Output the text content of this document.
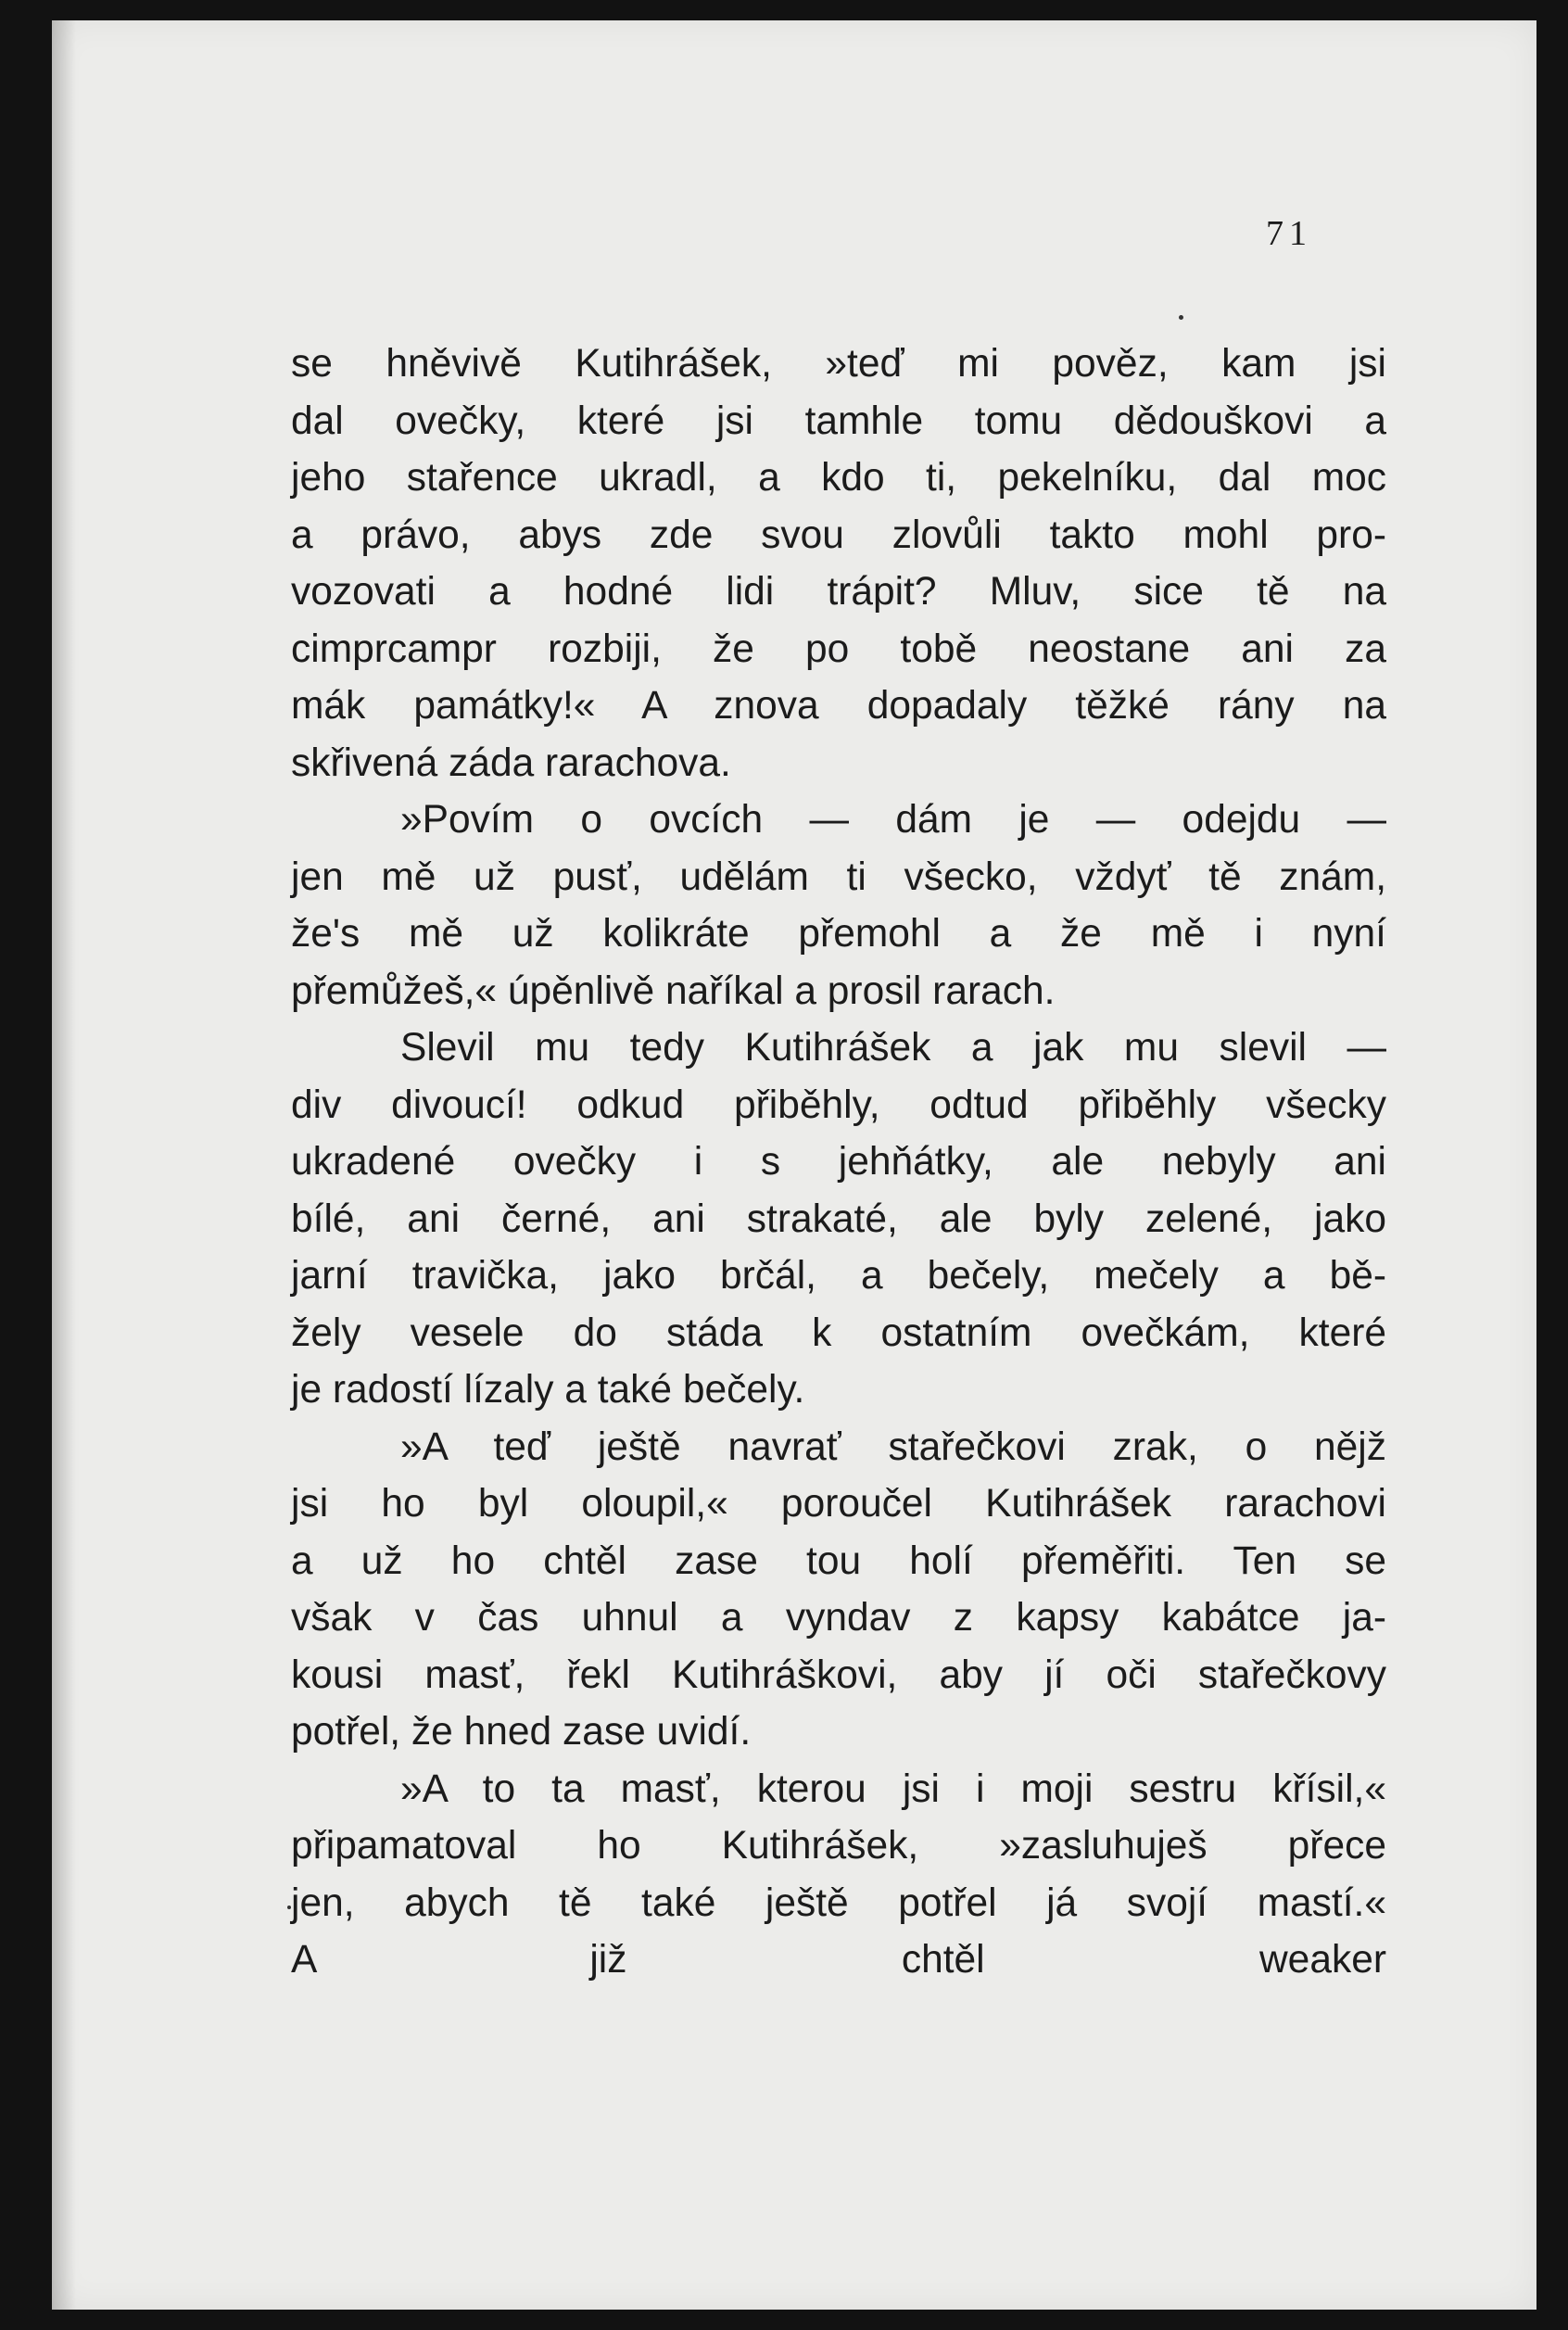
71
se hněvivě Kutihrášek, »teď mi pověz, kam jsi
dal ovečky, které jsi tamhle tomu dědouškovi a
jeho stařence ukradl, a kdo ti, pekelníku, dal moc
a právo, abys zde svou zlovůli takto mohl pro-
vozovati a hodné lidi trápit? Mluv, sice tě na
cimprcampr rozbiji, že po tobě neostane ani za
mák památky!« A znova dopadaly těžké rány na
skřivená záda rarachova.
»Povím o ovcích — dám je — odejdu —
jen mě už pusť, udělám ti všecko, vždyť tě znám,
že's mě už kolikráte přemohl a že mě i nyní
přemůžeš,« úpěnlivě naříkal a prosil rarach.
Slevil mu tedy Kutihrášek a jak mu slevil —
div divoucí! odkud přiběhly, odtud přiběhly všecky
ukradené ovečky i s jehňátky, ale nebyly ani
bílé, ani černé, ani strakaté, ale byly zelené, jako
jarní travička, jako brčál, a bečely, mečely a bě-
žely vesele do stáda k ostatním ovečkám, které
je radostí lízaly a také bečely.
»A teď ještě navrať stařečkovi zrak, o nějž
jsi ho byl oloupil,« poroučel Kutihrášek rarachovi
a už ho chtěl zase tou holí přeměřiti. Ten se
však v čas uhnul a vyndav z kapsy kabátce ja-
kousi masť, řekl Kutihráškovi, aby jí oči stařečkovy
potřel, že hned zase uvidí.
»A to ta masť, kterou jsi i moji sestru křísil,«
připamatoval ho Kutihrášek, »zasluhuješ přece
jen, abych tě také ještě potřel já svojí mastí.«
A již chtěl weaker
